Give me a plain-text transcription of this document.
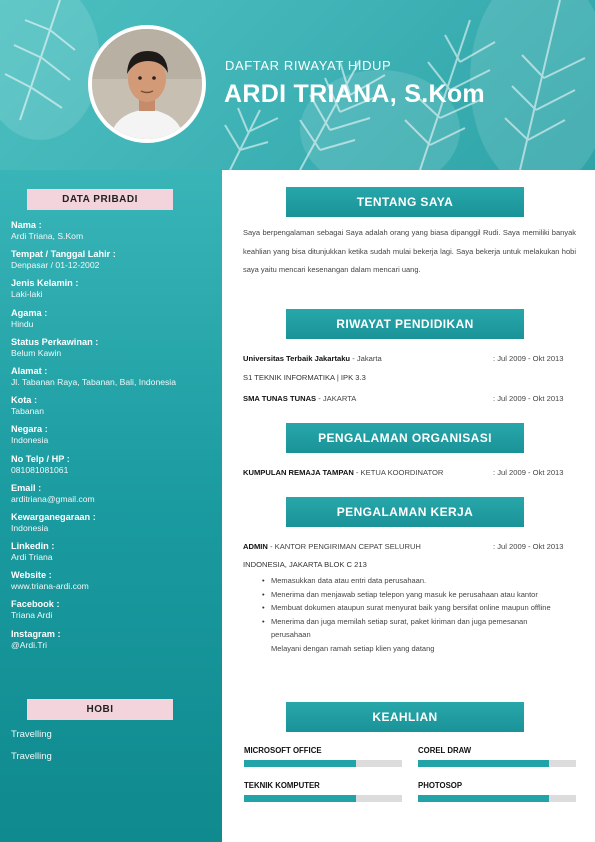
DAFTAR RIWAYAT HIDUP
ARDI TRIANA, S.Kom
DATA PRIBADI
Nama :
Ardi Triana, S.Kom
Tempat / Tanggal Lahir :
Denpasar / 01-12-2002
Jenis Kelamin :
Laki-laki
Agama :
Hindu
Status Perkawinan :
Belum Kawin
Alamat :
Jl. Tabanan Raya, Tabanan, Bali, Indonesia
Kota :
Tabanan
Negara :
Indonesia
No Telp / HP :
081081081061
Email :
arditriana@gmail.com
Kewarganegaraan :
Indonesia
Linkedin :
Ardi Triana
Website :
www.triana-ardi.com
Facebook :
Triana Ardi
Instagram :
@Ardi.Tri
HOBI
Travelling
Travelling
TENTANG SAYA
Saya berpengalaman sebagai Saya adalah orang yang biasa dipanggil Rudi. Saya memiliki banyak keahlian yang bisa ditunjukkan ketika sudah mulai bekerja lagi. Saya bekerja untuk melakukan hobi saya yaitu mencari kesenangan dalam mencari uang.
RIWAYAT PENDIDIKAN
Universitas Terbaik Jakartaku - Jakarta	: Jul 2009 - Okt 2013
S1 TEKNIK INFORMATIKA | IPK 3.3
SMA TUNAS TUNAS - JAKARTA	: Jul 2009 - Okt 2013
PENGALAMAN ORGANISASI
KUMPULAN REMAJA TAMPAN - KETUA KOORDINATOR	: Jul 2009 - Okt 2013
PENGALAMAN KERJA
ADMIN - KANTOR PENGIRIMAN CEPAT SELURUH	: Jul 2009 - Okt 2013
INDONESIA, JAKARTA BLOK C 213
• Memasukkan data atau entri data perusahaan.
• Menerima dan menjawab setiap telepon yang masuk ke perusahaan atau kantor
• Membuat dokumen ataupun surat menyurat baik yang bersifat online maupun offline
• Menerima dan juga memilah setiap surat, paket kiriman dan juga pemesanan perusahaan
Melayani dengan ramah setiap klien yang datang
KEAHLIAN
MICROSOFT OFFICE	COREL DRAW
TEKNIK KOMPUTER	PHOTOSOP
